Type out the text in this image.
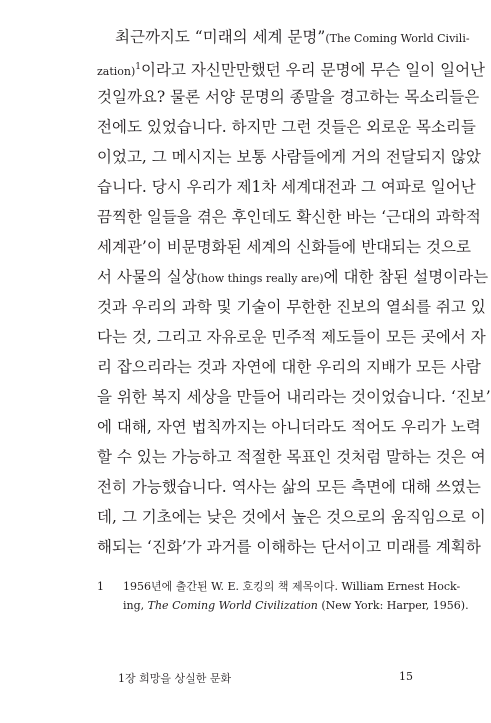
최근까지도 “미래의 세계 문명”(The Coming World Civili-
zation)$^1$이라고 자신만만했던 우리 문명에 무슨 일이 일어난
것일까요? 물론 서양 문명의 종말을 경고하는 목소리들은
전에도 있었습니다. 하지만 그런 것들은 외로운 목소리들
이었고, 그 메시지는 보통 사람들에게 거의 전달되지 않았
습니다. 당시 우리가 제1차 세계대전과 그 여파로 일어난
끔찍한 일들을 겪은 후인데도 확신한 바는 ‘근대의 과학적
세계관’이 비문명화된 세계의 신화들에 반대되는 것으로
서 사물의 실상(how things really are)에 대한 참된 설명이라는
것과 우리의 과학 및 기술이 무한한 진보의 열쇠를 쥐고 있
다는 것, 그리고 자유로운 민주적 제도들이 모든 곳에서 자
리 잡으리라는 것과 자연에 대한 우리의 지배가 모든 사람
을 위한 복지 세상을 만들어 내리라는 것이었습니다. ‘진보’
에 대해, 자연 법칙까지는 아니더라도 적어도 우리가 노력
할 수 있는 가능하고 적절한 목표인 것처럼 말하는 것은 여
전히 가능했습니다. 역사는 삶의 모든 측면에 대해 쓰였는
데, 그 기초에는 낮은 것에서 높은 것으로의 움직임으로 이
해되는 ‘진화’가 과거를 이해하는 단서이고 미래를 계획하
1 1956년에 출간된 W. E. 호킹의 책 제목이다. William Ernest Hock-
ing, The Coming World Civilization (New York: Harper, 1956).
1장 희망을 상실한 문화	15
